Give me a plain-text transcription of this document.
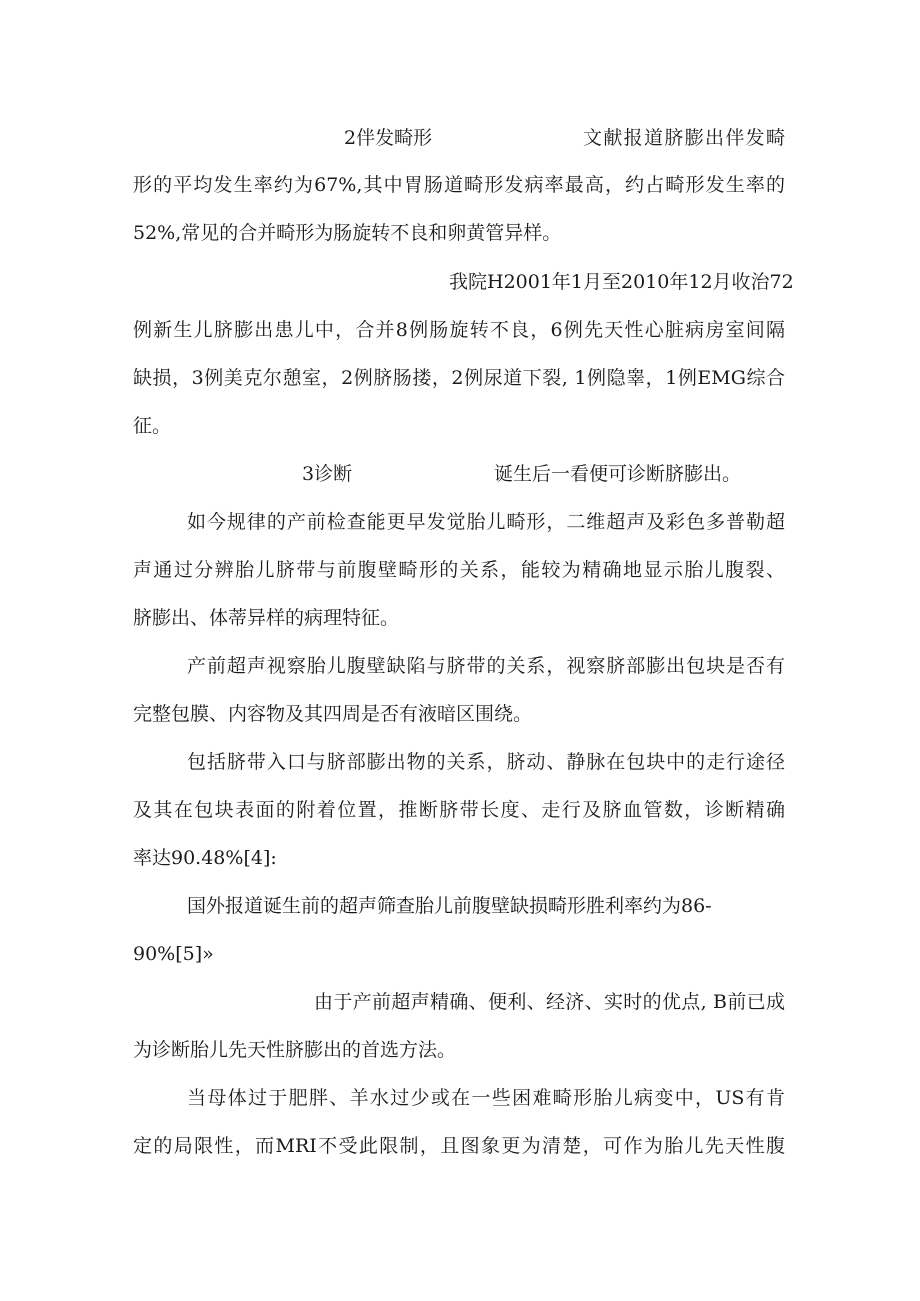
2伴发畸形	文献报道脐膨出伴发畸
形的平均发生率约为67%,其中胃肠道畸形发病率最高，约占畸形发生率的
52%,常见的合并畸形为肠旋转不良和卵黄管异样。
我院H2001年1月至2010年12月收治72
例新生儿脐膨出患儿中，合并8例肠旋转不良，6例先天性心脏病房室间隔
缺损，3例美克尔憩室，2例脐肠搂，2例尿道下裂, 1例隐睾，1例EMG综合
征。
3诊断	诞生后一看便可诊断脐膨出。
如今规律的产前检查能更早发觉胎儿畸形，二维超声及彩色多普勒超
声通过分辨胎儿脐带与前腹壁畸形的关系，能较为精确地显示胎儿腹裂、
脐膨出、体蒂异样的病理特征。
产前超声视察胎儿腹壁缺陷与脐带的关系，视察脐部膨出包块是否有
完整包膜、内容物及其四周是否有液暗区围绕。
包括脐带入口与脐部膨出物的关系，脐动、静脉在包块中的走行途径
及其在包块表面的附着位置，推断脐带长度、走行及脐血管数，诊断精确
率达90.48%[4]:
国外报道诞生前的超声筛查胎儿前腹壁缺损畸形胜利率约为86-
90%[5]»
由于产前超声精确、便利、经济、实时的优点, B前已成
为诊断胎儿先天性脐膨出的首选方法。
当母体过于肥胖、羊水过少或在一些困难畸形胎儿病变中，US有肯
定的局限性，而MRI不受此限制，且图象更为清楚，可作为胎儿先天性腹
